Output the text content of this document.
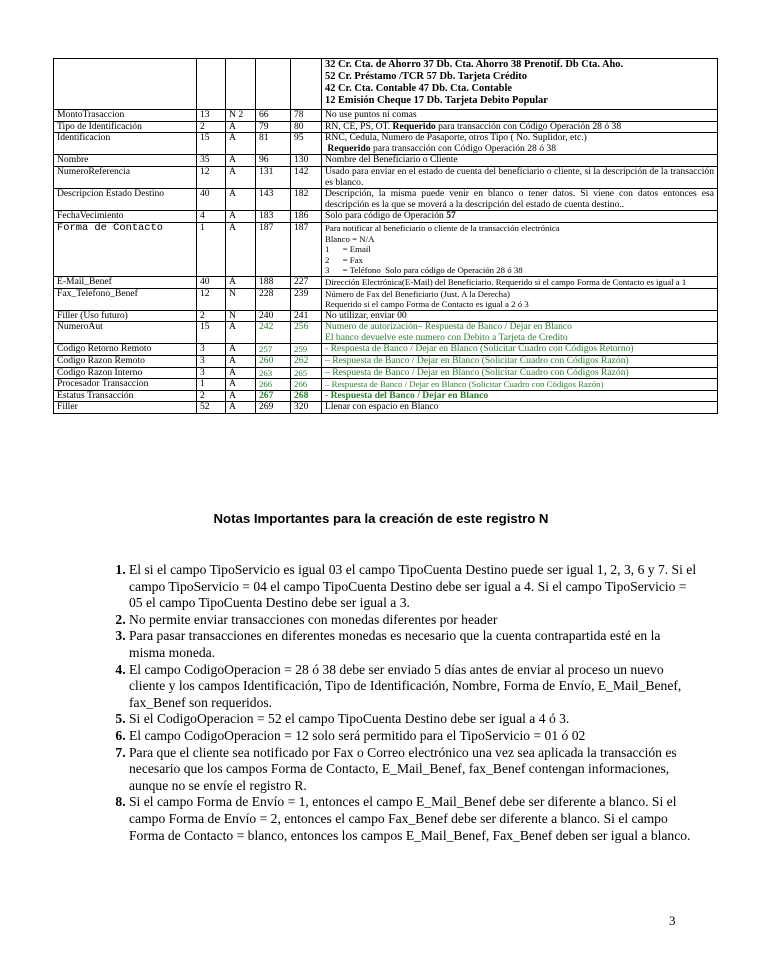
					32 Cr. Cta. de Ahorro 37 Db. Cta. Ahorro 38 Prenotif. Db Cta. Aho.
52 Cr. Préstamo /TCR 57 Db. Tarjeta Crédito
42 Cr. Cta. Contable 47 Db. Cta. Contable
12 Emisión Cheque 17 Db. Tarjeta Debito Popular

MontoTrasaccion	13	N 2	66	78	No use puntos ni comas
Tipo de Identificación	2	A	79	80	RN, CE, PS, OT. Requerido para transacción con Código Operación 28 ó 38
Identificacion	15	A	81	95	RNC, Cedula, Numero de Pasaporte, otros Tipo ( No. Suplidor, etc.)
Requerido para transacción con Código Operación 28 ó 38

Nombre	35	A	96	130	Nombre del Beneficiario o Cliente
NumeroReferencia	12	A	131	142	Usado para enviar en el estado de cuenta del beneficiario o cliente, si la descripción de la transacción es blanco.
Descripcion Estado Destino	40	A	143	182	Descripción, la misma puede venir en blanco o tener datos. Si viene con datos entonces esa descripción es la que se moverá a la descripción del estado de cuenta destino..
FechaVecimiento	4	A	183	186	Solo para código de Operación 57
Forma de Contacto	1	A	187	187	Para notificar al beneficiario o cliente de la transacción electrónica
Blanco = N/A
1      = Email
2      = Fax
3      = Teléfono  Solo para código de Operación 28 ó 38

E-Mail_Benef	40	A	188	227	Dirección Electrónica(E-Mail) del Beneficiario. Requerido si el campo Forma de Contacto es igual a 1
Fax_Telefono_Benef	12	N	228	239	Número de Fax del Beneficiario (Just. A la Derecha)
Requerido si el campo Forma de Contacto es igual a 2 ó 3

Filler (Uso futuro)	2	N	240	241	No utilizar, enviar 00
NumeroAut	15	A	242	256	Numero de autorización– Respuesta de Banco / Dejar en Blanco
El banco devuelve este numero con Debito a Tarjeta de Credito

Codigo Retorno Remoto	3	A	257	259	- Respuesta de Banco / Dejar en Blanco (Solicitar Cuadro con Códigos Retorno)
Codigo Razon Remoto	3	A	260	262	– Respuesta de Banco / Dejar en Blanco (Solicitar Cuadro con Códigos Razón)
Codigo Razon Interno	3	A	263	265	– Respuesta de Banco / Dejar en Blanco (Solicitar Cuadro con Códigos Razón)
Procesador Transaccion	1	A	266	266	– Respuesta de Banco / Dejar en Blanco (Solicitar Cuadro con Códigos Razón)
Estatus Transacción	2	A	267	268	- Respuesta del Banco / Dejar en Blanco
Filler	52	A	269	320	Llenar con espacio en Blanco
Notas Importantes para la creación de este registro N
1. El si el campo TipoServicio es igual 03 el campo TipoCuenta Destino puede ser igual 1, 2, 3, 6 y 7. Si el campo TipoServicio = 04 el campo TipoCuenta Destino debe ser igual a 4. Si el campo TipoServicio = 05 el campo TipoCuenta Destino debe ser igual a 3.
2. No permite enviar transacciones con monedas diferentes por header
3. Para pasar transacciones en diferentes monedas es necesario que la cuenta contrapartida esté en la misma moneda.
4. El campo CodigoOperacion = 28 ó 38 debe ser enviado 5 días antes de enviar al proceso un nuevo cliente y los campos Identificación, Tipo de Identificación, Nombre, Forma de Envío, E_Mail_Benef, fax_Benef son requeridos.
5. Si el CodigoOperacion = 52 el campo TipoCuenta Destino debe ser igual a 4 ó 3.
6. El campo CodigoOperacion = 12 solo será permitido para el TipoServicio = 01 ó 02
7. Para que el cliente sea notificado por Fax o Correo electrónico una vez sea aplicada la transacción es necesario que los campos Forma de Contacto, E_Mail_Benef, fax_Benef contengan informaciones, aunque no se envíe el registro R.
8. Si el campo Forma de Envío = 1, entonces el campo E_Mail_Benef debe ser diferente a blanco. Si el campo Forma de Envío = 2, entonces el campo Fax_Benef debe ser diferente a blanco. Si el campo Forma de Contacto = blanco, entonces los campos E_Mail_Benef, Fax_Benef deben ser igual a blanco.
3
